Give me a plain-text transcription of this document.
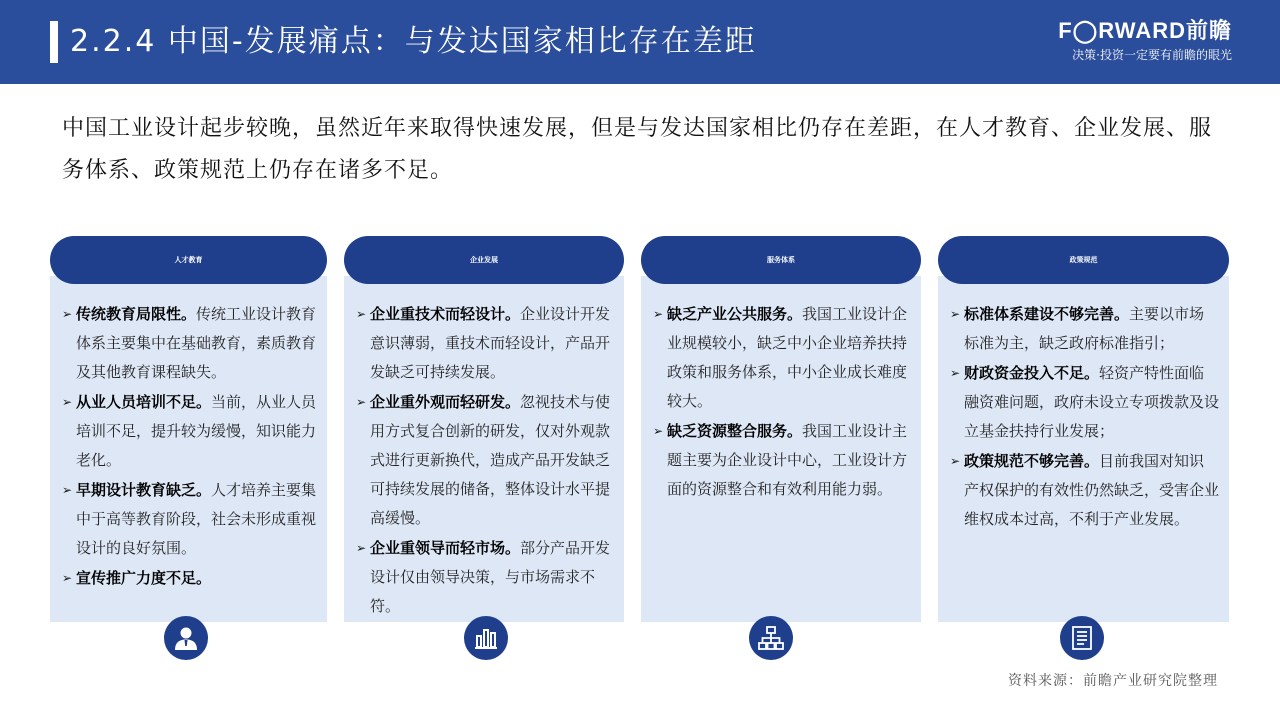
2.2.4 中国-发展痛点：与发达国家相比存在差距	F◯RWARD前瞻
决策·投资一定要有前瞻的眼光
中国工业设计起步较晚，虽然近年来取得快速发展，但是与发达国家相比仍存在差距，在人才教育、企业发展、服务体系、政策规范上仍存在诸多不足。
人才教育
➢ 传统教育局限性。传统工业设计教育体系主要集中在基础教育，素质教育及其他教育课程缺失。
➢ 从业人员培训不足。当前，从业人员培训不足，提升较为缓慢，知识能力老化。
➢ 早期设计教育缺乏。人才培养主要集中于高等教育阶段，社会未形成重视设计的良好氛围。
➢ 宣传推广力度不足。
企业发展
➢ 企业重技术而轻设计。企业设计开发意识薄弱，重技术而轻设计，产品开发缺乏可持续发展。
➢ 企业重外观而轻研发。忽视技术与使用方式复合创新的研发，仅对外观款式进行更新换代，造成产品开发缺乏可持续发展的储备，整体设计水平提高缓慢。
➢ 企业重领导而轻市场。部分产品开发设计仅由领导决策，与市场需求不符。
服务体系
➢ 缺乏产业公共服务。我国工业设计企业规模较小，缺乏中小企业培养扶持政策和服务体系，中小企业成长难度较大。
➢ 缺乏资源整合服务。我国工业设计主题主要为企业设计中心，工业设计方面的资源整合和有效利用能力弱。
政策规范
➢ 标准体系建设不够完善。主要以市场标准为主，缺乏政府标准指引；
➢ 财政资金投入不足。轻资产特性面临融资难问题，政府未设立专项拨款及设立基金扶持行业发展；
➢ 政策规范不够完善。目前我国对知识产权保护的有效性仍然缺乏，受害企业维权成本过高，不利于产业发展。
资料来源：前瞻产业研究院整理
